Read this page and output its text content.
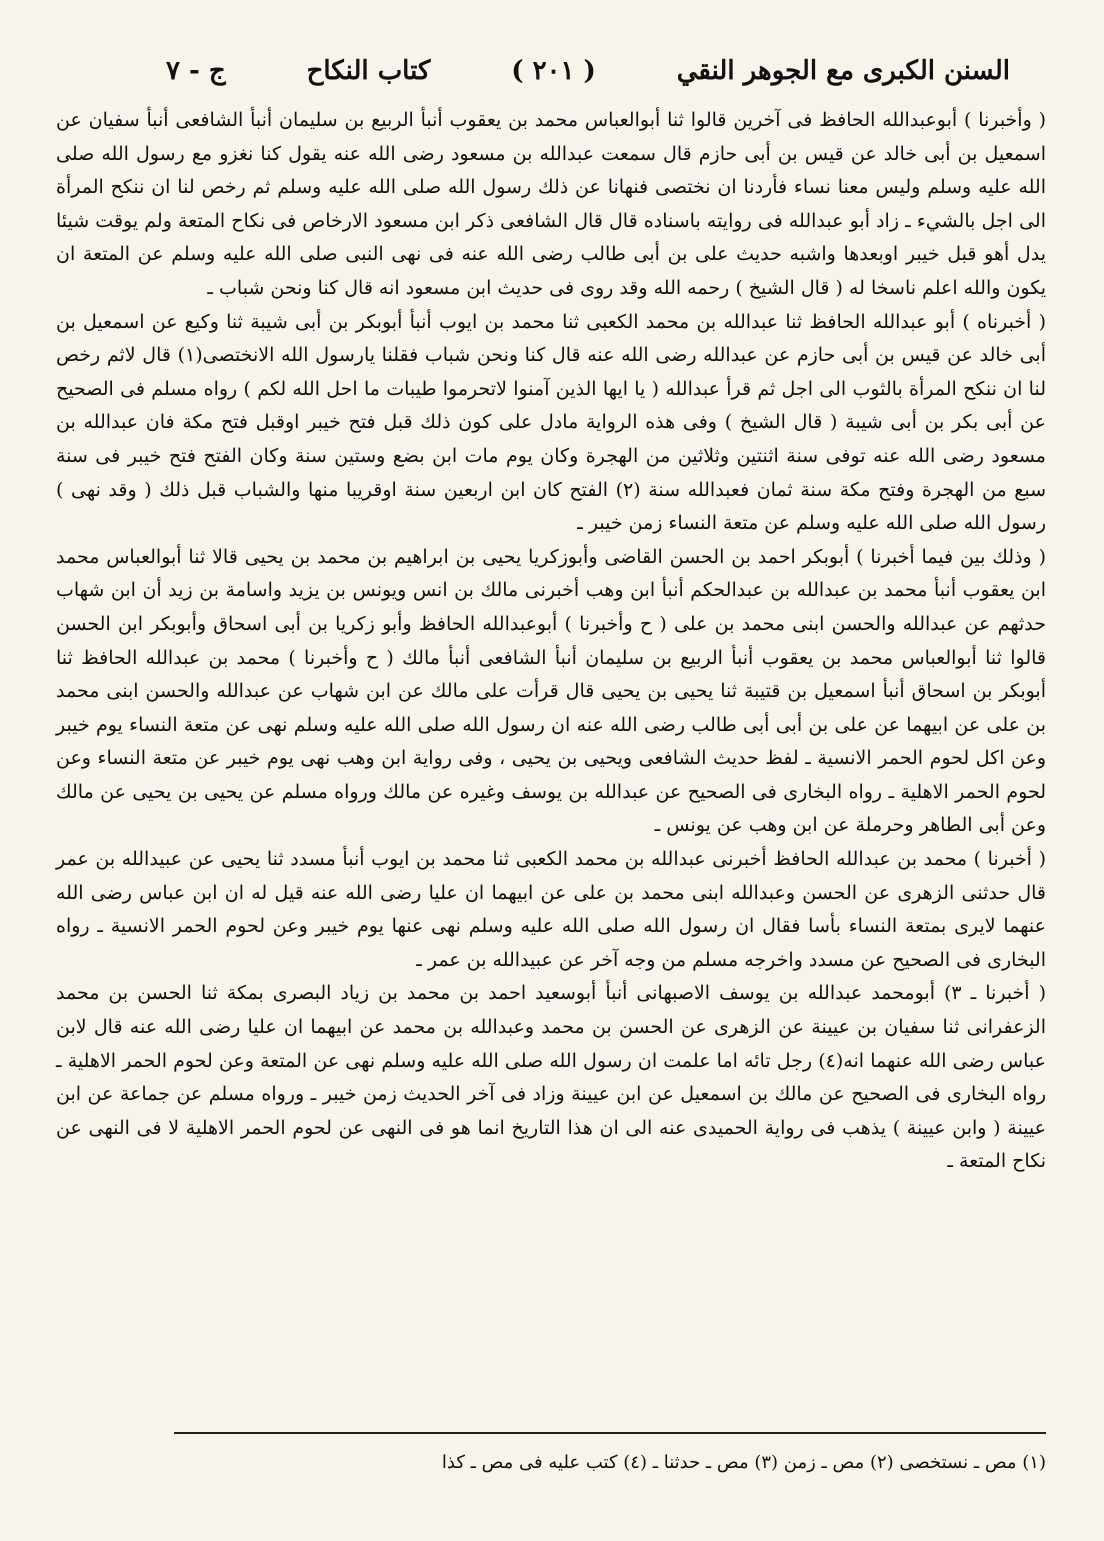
السنن الكبرى مع الجوهر النقي
( ٢٠١ )
كتاب النكاح
ج - ٧

( وأخبرنا ) أبوعبدالله الحافظ فى آخرين قالوا ثنا أبوالعباس محمد بن يعقوب أنبأ الربيع بن سليمان أنبأ الشافعى أنبأ سفيان عن اسمعيل بن أبى خالد عن قيس بن أبى حازم قال سمعت عبدالله بن مسعود رضى الله عنه يقول كنا نغزو مع رسول الله صلى الله عليه وسلم وليس معنا نساء فأردنا ان نختصى فنهانا عن ذلك رسول الله صلى الله عليه وسلم ثم رخص لنا ان ننكح المرأة الى اجل بالشيء ـ زاد أبو عبدالله فى روايته باسناده قال قال الشافعى ذكر ابن مسعود الارخاص فى نكاح المتعة ولم يوقت شيئا يدل أهو قبل خيبر اوبعدها واشبه حديث على بن أبى طالب رضى الله عنه فى نهى النبى صلى الله عليه وسلم عن المتعة ان يكون والله اعلم ناسخا له ( قال الشيخ ) رحمه الله وقد روى فى حديث ابن مسعود انه قال كنا ونحن شباب ـ

( أخبرناه ) أبو عبدالله الحافظ ثنا عبدالله بن محمد الكعبى ثنا محمد بن ايوب أنبأ أبوبكر بن أبى شيبة ثنا وكيع عن اسمعيل بن أبى خالد عن قيس بن أبى حازم عن عبدالله رضى الله عنه قال كنا ونحن شباب فقلنا يارسول الله الانختصى(١) قال لاثم رخص لنا ان ننكح المرأة بالثوب الى اجل ثم قرأ عبدالله ( يا ايها الذين آمنوا لاتحرموا طيبات ما احل الله لكم ) رواه مسلم فى الصحيح عن أبى بكر بن أبى شيبة ( قال الشيخ ) وفى هذه الرواية مادل على كون ذلك قبل فتح خيبر اوقبل فتح مكة فان عبدالله بن مسعود رضى الله عنه توفى سنة اثنتين وثلاثين من الهجرة وكان يوم مات ابن بضع وستين سنة وكان الفتح فتح خيبر فى سنة سبع من الهجرة وفتح مكة سنة ثمان فعبدالله سنة (٢) الفتح كان ابن اربعين سنة اوقريبا منها والشباب قبل ذلك ( وقد نهى ) رسول الله صلى الله عليه وسلم عن متعة النساء زمن خيبر ـ

( وذلك بين فيما أخبرنا ) أبوبكر احمد بن الحسن القاضى وأبوزكريا يحيى بن ابراهيم بن محمد بن يحيى قالا ثنا أبوالعباس محمد ابن يعقوب أنبأ محمد بن عبدالله بن عبدالحكم أنبأ ابن وهب أخبرنى مالك بن انس ويونس بن يزيد واسامة بن زيد أن ابن شهاب حدثهم عن عبدالله والحسن ابنى محمد بن على ( ح وأخبرنا ) أبوعبدالله الحافظ وأبو زكريا بن أبى اسحاق وأبوبكر ابن الحسن قالوا ثنا أبوالعباس محمد بن يعقوب أنبأ الربيع بن سليمان أنبأ الشافعى أنبأ مالك ( ح وأخبرنا ) محمد بن عبدالله الحافظ ثنا أبوبكر بن اسحاق أنبأ اسمعيل بن قتيبة ثنا يحيى بن يحيى قال قرأت على مالك عن ابن شهاب عن عبدالله والحسن ابنى محمد بن على عن ابيهما عن على بن أبى أبى طالب رضى الله عنه ان رسول الله صلى الله عليه وسلم نهى عن متعة النساء يوم خيبر وعن اكل لحوم الحمر الانسية ـ لفظ حديث الشافعى ويحيى بن يحيى ، وفى رواية ابن وهب نهى يوم خيبر عن متعة النساء وعن لحوم الحمر الاهلية ـ رواه البخارى فى الصحيح عن عبدالله بن يوسف وغيره عن مالك ورواه مسلم عن يحيى بن يحيى عن مالك وعن أبى الطاهر وحرملة عن ابن وهب عن يونس ـ

( أخبرنا ) محمد بن عبدالله الحافظ أخبرنى عبدالله بن محمد الكعبى ثنا محمد بن ايوب أنبأ مسدد ثنا يحيى عن عبيدالله بن عمر قال حدثنى الزهرى عن الحسن وعبدالله ابنى محمد بن على عن ابيهما ان عليا رضى الله عنه قيل له ان ابن عباس رضى الله عنهما لايرى بمتعة النساء بأسا فقال ان رسول الله صلى الله عليه وسلم نهى عنها يوم خيبر وعن لحوم الحمر الانسية ـ رواه البخارى فى الصحيح عن مسدد واخرجه مسلم من وجه آخر عن عبيدالله بن عمر ـ

( أخبرنا ـ ٣) أبومحمد عبدالله بن يوسف الاصبهانى أنبأ أبوسعيد احمد بن محمد بن زياد البصرى بمكة ثنا الحسن بن محمد الزعفرانى ثنا سفيان بن عيينة عن الزهرى عن الحسن بن محمد وعبدالله بن محمد عن ابيهما ان عليا رضى الله عنه قال لابن عباس رضى الله عنهما انه(٤) رجل تائه اما علمت ان رسول الله صلى الله عليه وسلم نهى عن المتعة وعن لحوم الحمر الاهلية ـ رواه البخارى فى الصحيح عن مالك بن اسمعيل عن ابن عيينة وزاد فى آخر الحديث زمن خيبر ـ ورواه مسلم عن جماعة عن ابن عيينة ( وابن عيينة ) يذهب فى رواية الحميدى عنه الى ان هذا التاريخ انما هو فى النهى عن لحوم الحمر الاهلية لا فى النهى عن نكاح المتعة ـ

(١) مص ـ نستخصى (٢) مص ـ زمن (٣) مص ـ حدثنا ـ (٤) كتب عليه فى مص ـ كذا
